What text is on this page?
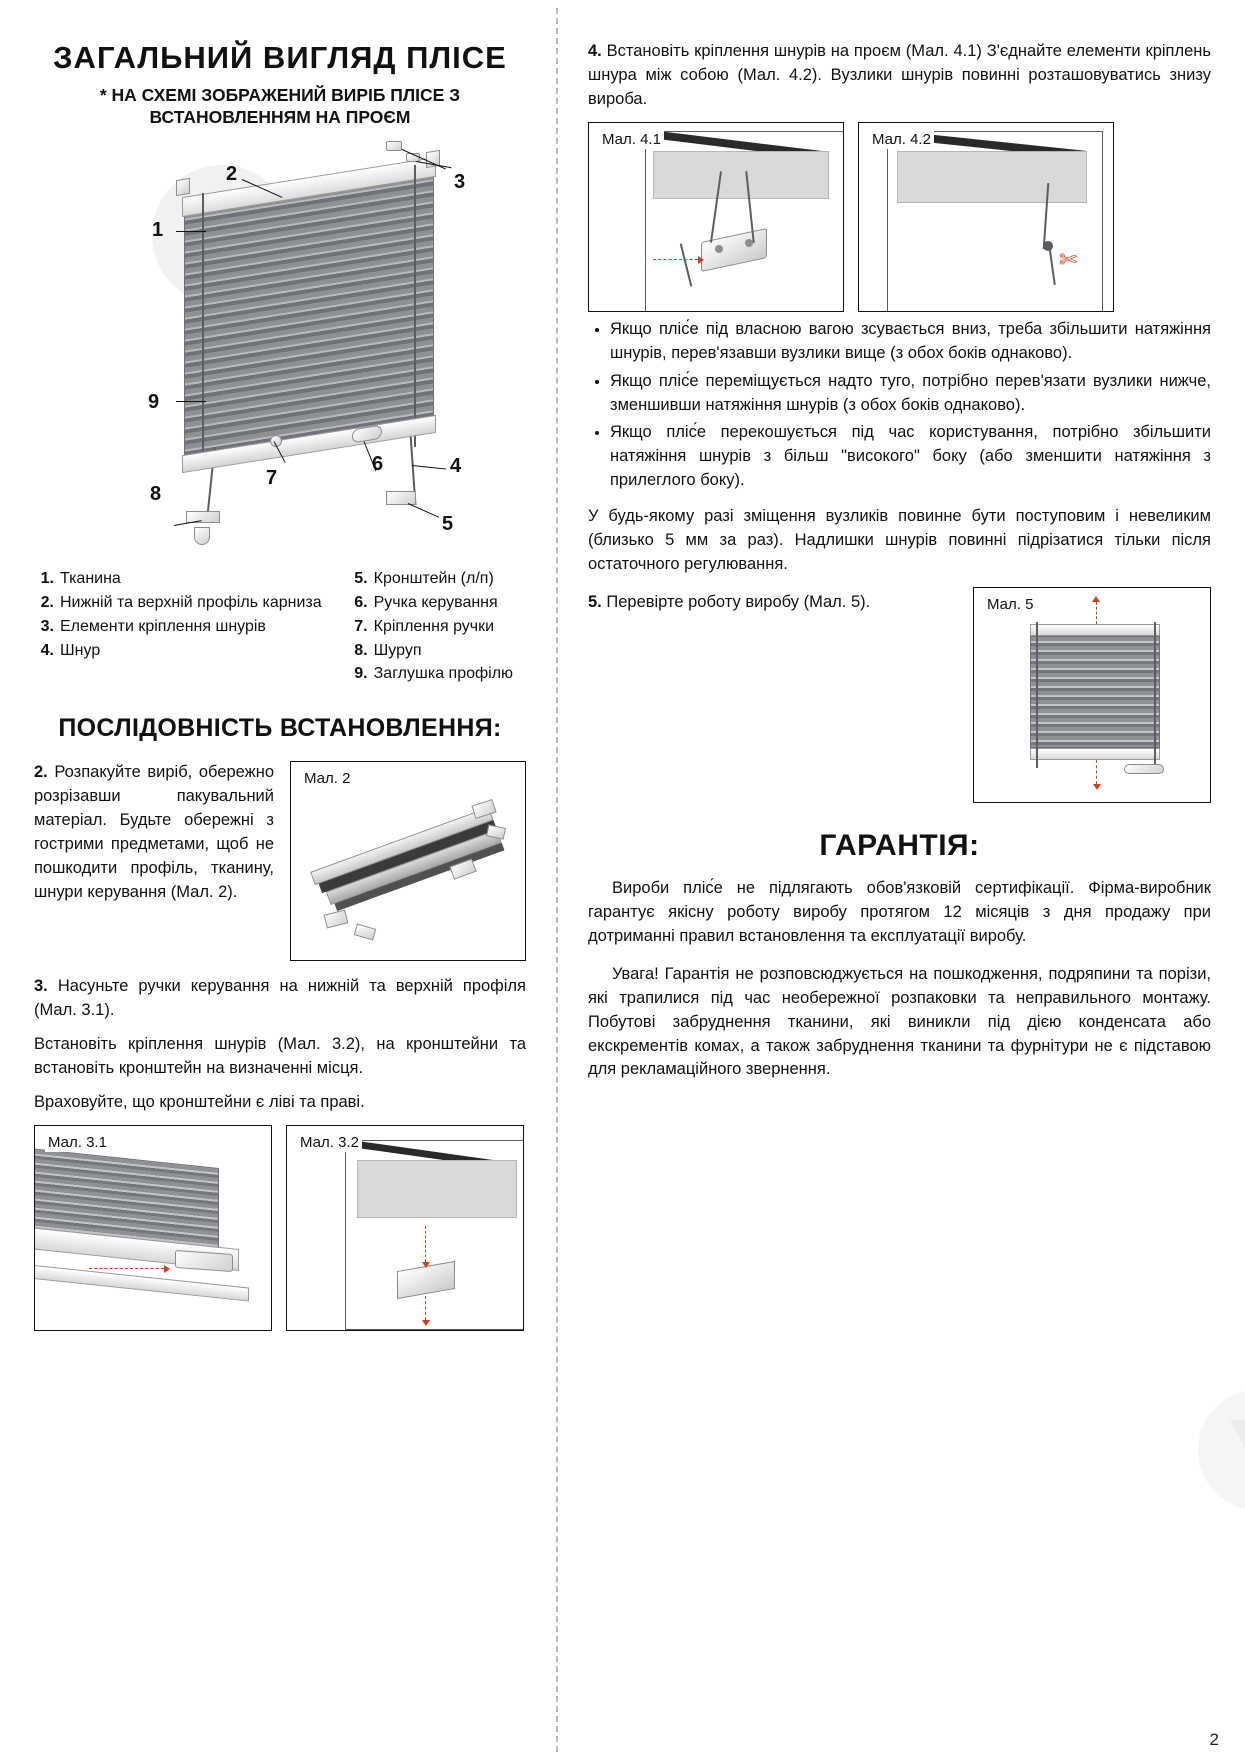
ЗАГАЛЬНИЙ ВИГЛЯД ПЛІСЕ
* НА СХЕМІ ЗОБРАЖЕНИЙ ВИРІБ ПЛІСЕ З ВСТАНОВЛЕННЯМ НА ПРОЄМ
1
2	3
4
5
6
7
8
9
1. Тканина
2. Нижній та верхній профіль карниза
3. Елементи кріплення шнурів
4. Шнур
5. Кронштейн (л/п)
6. Ручка керування
7. Кріплення ручки
8. Шуруп
9. Заглушка профілю
ПОСЛІДОВНІСТЬ ВСТАНОВЛЕННЯ:

2. Розпакуйте виріб, обережно розрізавши пакувальний матеріал. Будьте обережні з гострими предметами, щоб не пошкодити профіль, тканину, шнури керування (Мал. 2).

Мал. 2

3. Насуньте ручки керування на нижній та верхній профіля (Мал. 3.1).

Встановіть кріплення шнурів (Мал. 3.2), на кронштейни та встановіть кронштейн на визначенні місця.

Враховуйте, що кронштейни є ліві та праві.

Мал. 3.1	Мал. 3.2

4. Встановіть кріплення шнурів на проєм (Мал. 4.1) З'єднайте елементи кріплень шнура між собою (Мал. 4.2). Вузлики шнурів повинні розташовуватись знизу вироба.

Мал. 4.1	Мал. 4.2
✄
• Якщо пліс́е під власною вагою зсувається вниз, треба збільшити натяжіння шнурів, перев'язавши вузлики вище (з обох боків однаково).
• Якщо пліс́е переміщується надто туго, потрібно перев'язати вузлики нижче, зменшивши натяжіння шнурів (з обох боків однаково).
• Якщо пліс́е перекошується під час користування, потрібно збільшити натяжіння шнурів з більш "високого" боку (або зменшити натяжіння з прилеглого боку).

У будь-якому разі зміщення вузликів повинне бути поступовим і невеликим (близько 5 мм за раз). Надлишки шнурів повинні підрізатися тільки після остаточного регулювання.

5. Перевірте роботу виробу (Мал. 5).	Мал. 5
ГАРАНТІЯ:

Вироби пліс́е не підлягають обов'язковій сертифікації. Фірма-виробник гарантує якісну роботу виробу протягом 12 місяців з дня продажу при дотриманні правил встановлення та експлуатації виробу.

Увага! Гарантія не розповсюджується на пошкодження, подряпини та порізи, які трапилися під час необережної розпаковки та неправильного монтажу. Побутові забруднення тканини, які виникли під дією конденсата або екскрементів комах, а також забруднення тканини та фурнітури не є підставою для рекламаційного звернення.

2
